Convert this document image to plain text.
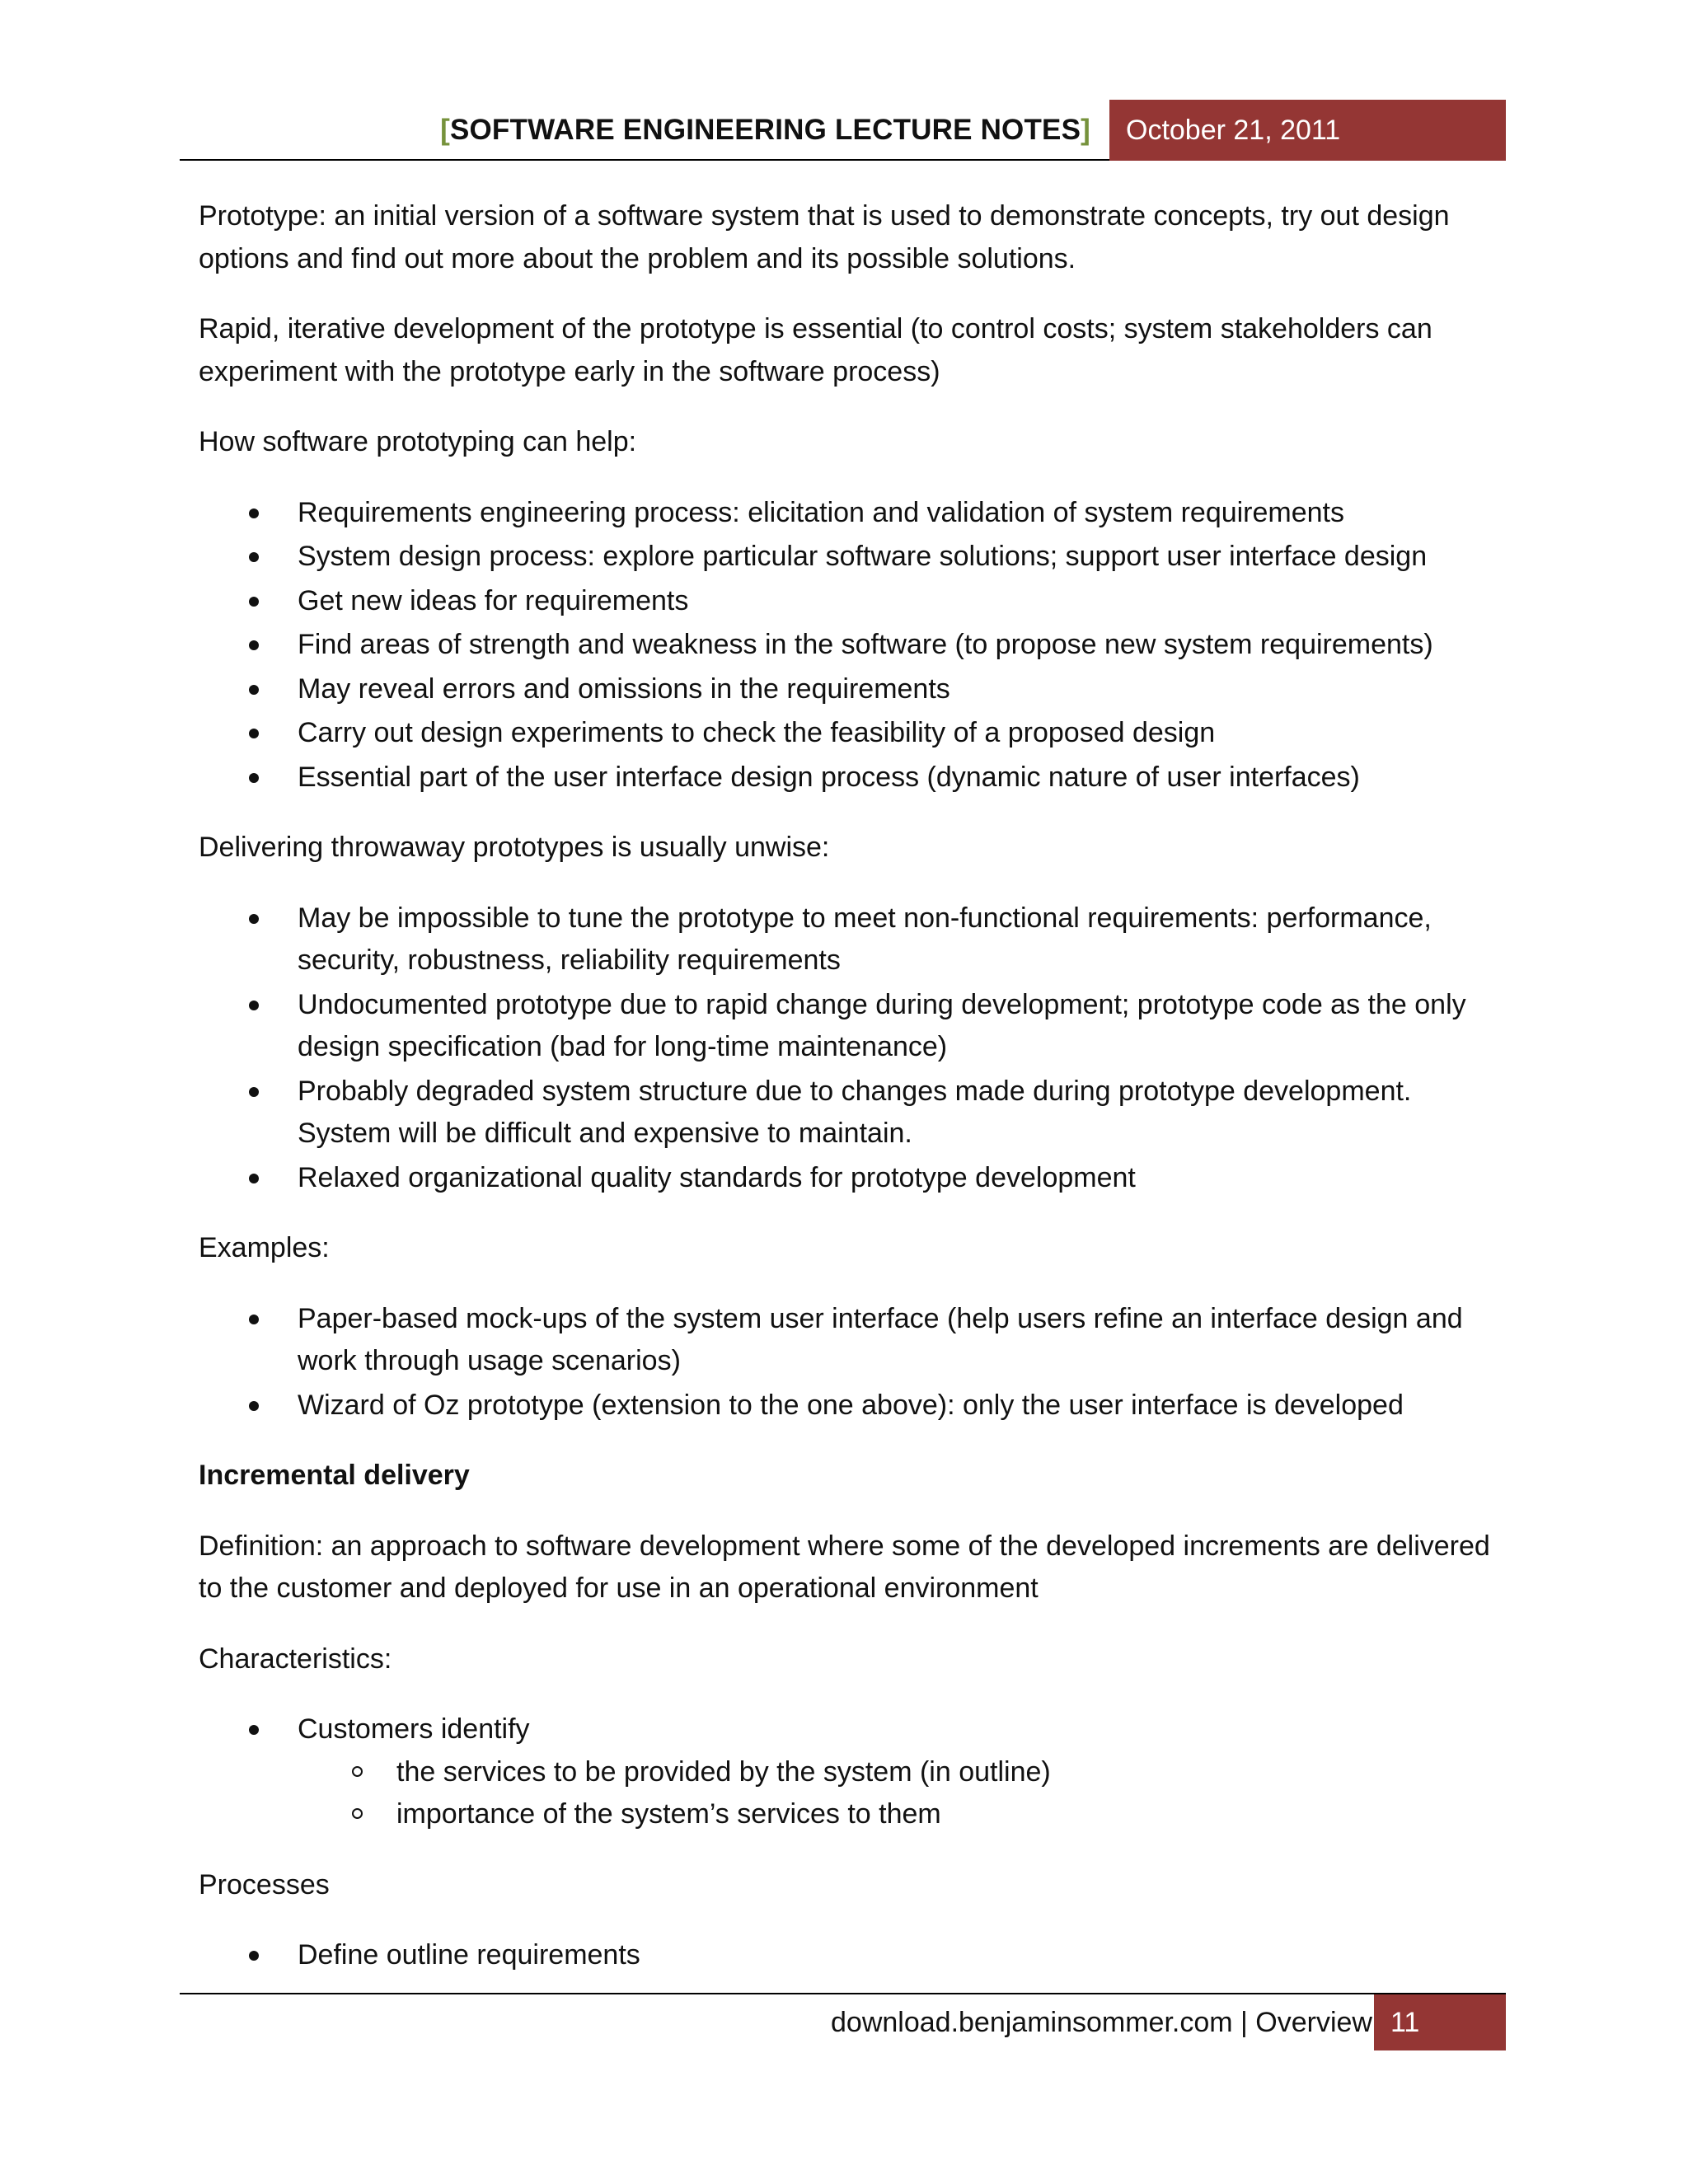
[SOFTWARE ENGINEERING LECTURE NOTES]	October 21, 2011

Prototype: an initial version of a software system that is used to demonstrate concepts, try out design options and find out more about the problem and its possible solutions.

Rapid, iterative development of the prototype is essential (to control costs; system stakeholders can experiment with the prototype early in the software process)

How software prototyping can help:

Requirements engineering process: elicitation and validation of system requirements
System design process: explore particular software solutions; support user interface design
Get new ideas for requirements
Find areas of strength and weakness in the software (to propose new system requirements)
May reveal errors and omissions in the requirements
Carry out design experiments to check the feasibility of a proposed design
Essential part of the user interface design process (dynamic nature of user interfaces)

Delivering throwaway prototypes is usually unwise:

May be impossible to tune the prototype to meet non-functional requirements: performance, security, robustness, reliability requirements
Undocumented prototype due to rapid change during development; prototype code as the only design specification (bad for long-time maintenance)
Probably degraded system structure due to changes made during prototype development. System will be difficult and expensive to maintain.
Relaxed organizational quality standards for prototype development

Examples:

Paper-based mock-ups of the system user interface (help users refine an interface design and work through usage scenarios)
Wizard of Oz prototype (extension to the one above): only the user interface is developed

Incremental delivery

Definition: an approach to software development where some of the developed increments are delivered to the customer and deployed for use in an operational environment

Characteristics:

Customers identify
the services to be provided by the system (in outline)
importance of the system’s services to them

Processes

Define outline requirements
download.benjaminsommer.com | Overview 11
